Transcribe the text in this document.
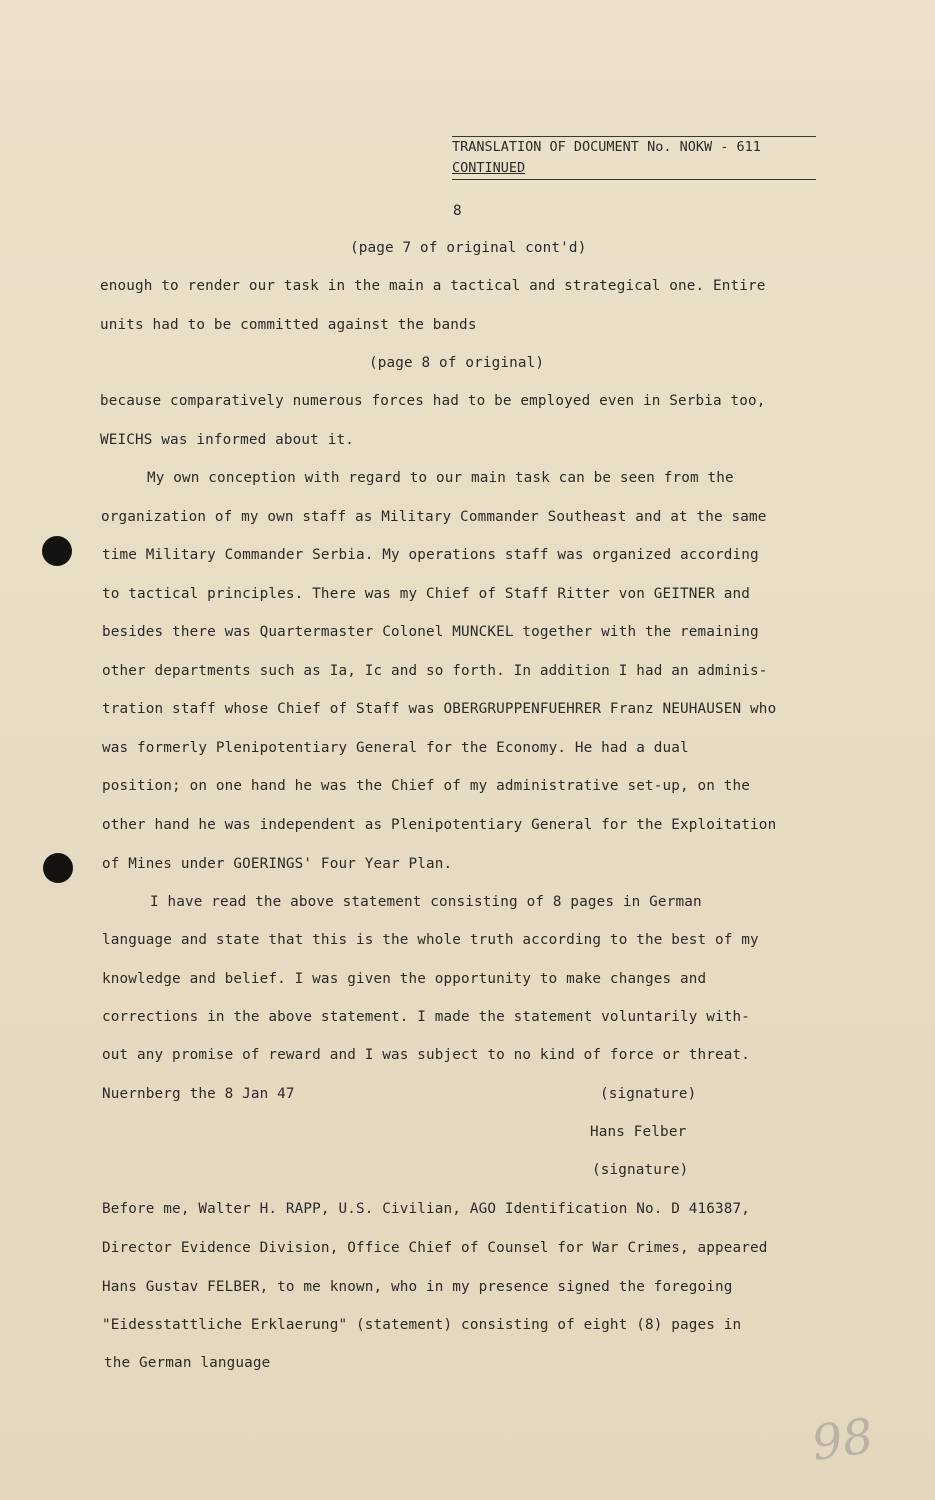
TRANSLATION OF DOCUMENT No. NOKW - 611
CONTINUED
8
(page 7 of original cont'd)
enough to render our task in the main a tactical and strategical one. Entire
units had to be committed against the bands
(page 8 of original)
because comparatively numerous forces had to be employed even in Serbia too,
WEICHS was informed about it.
My own conception with regard to our main task can be seen from the
organization of my own staff as Military Commander Southeast and at the same
time Military Commander Serbia. My operations staff was organized according
to tactical principles. There was my Chief of Staff Ritter von GEITNER and
besides there was Quartermaster Colonel MUNCKEL together with the remaining
other departments such as Ia, Ic and so forth. In addition I had an adminis-
tration staff whose Chief of Staff was OBERGRUPPENFUEHRER Franz NEUHAUSEN who
was formerly Plenipotentiary General for the Economy. He had a dual
position; on one hand he was the Chief of my administrative set-up, on the
other hand he was independent as Plenipotentiary General for the Exploitation
of Mines under GOERINGS' Four Year Plan.
I have read the above statement consisting of 8 pages in German
language and state that this is the whole truth according to the best of my
knowledge and belief. I was given the opportunity to make changes and
corrections in the above statement. I made the statement voluntarily with-
out any promise of reward and I was subject to no kind of force or threat.
Nuernberg the 8 Jan 47	(signature)
Hans Felber
(signature)
Before me, Walter H. RAPP, U.S. Civilian, AGO Identification No. D 416387,
Director Evidence Division, Office Chief of Counsel for War Crimes, appeared
Hans Gustav FELBER, to me known, who in my presence signed the foregoing
"Eidesstattliche Erklaerung" (statement) consisting of eight (8) pages in
the German language
98
